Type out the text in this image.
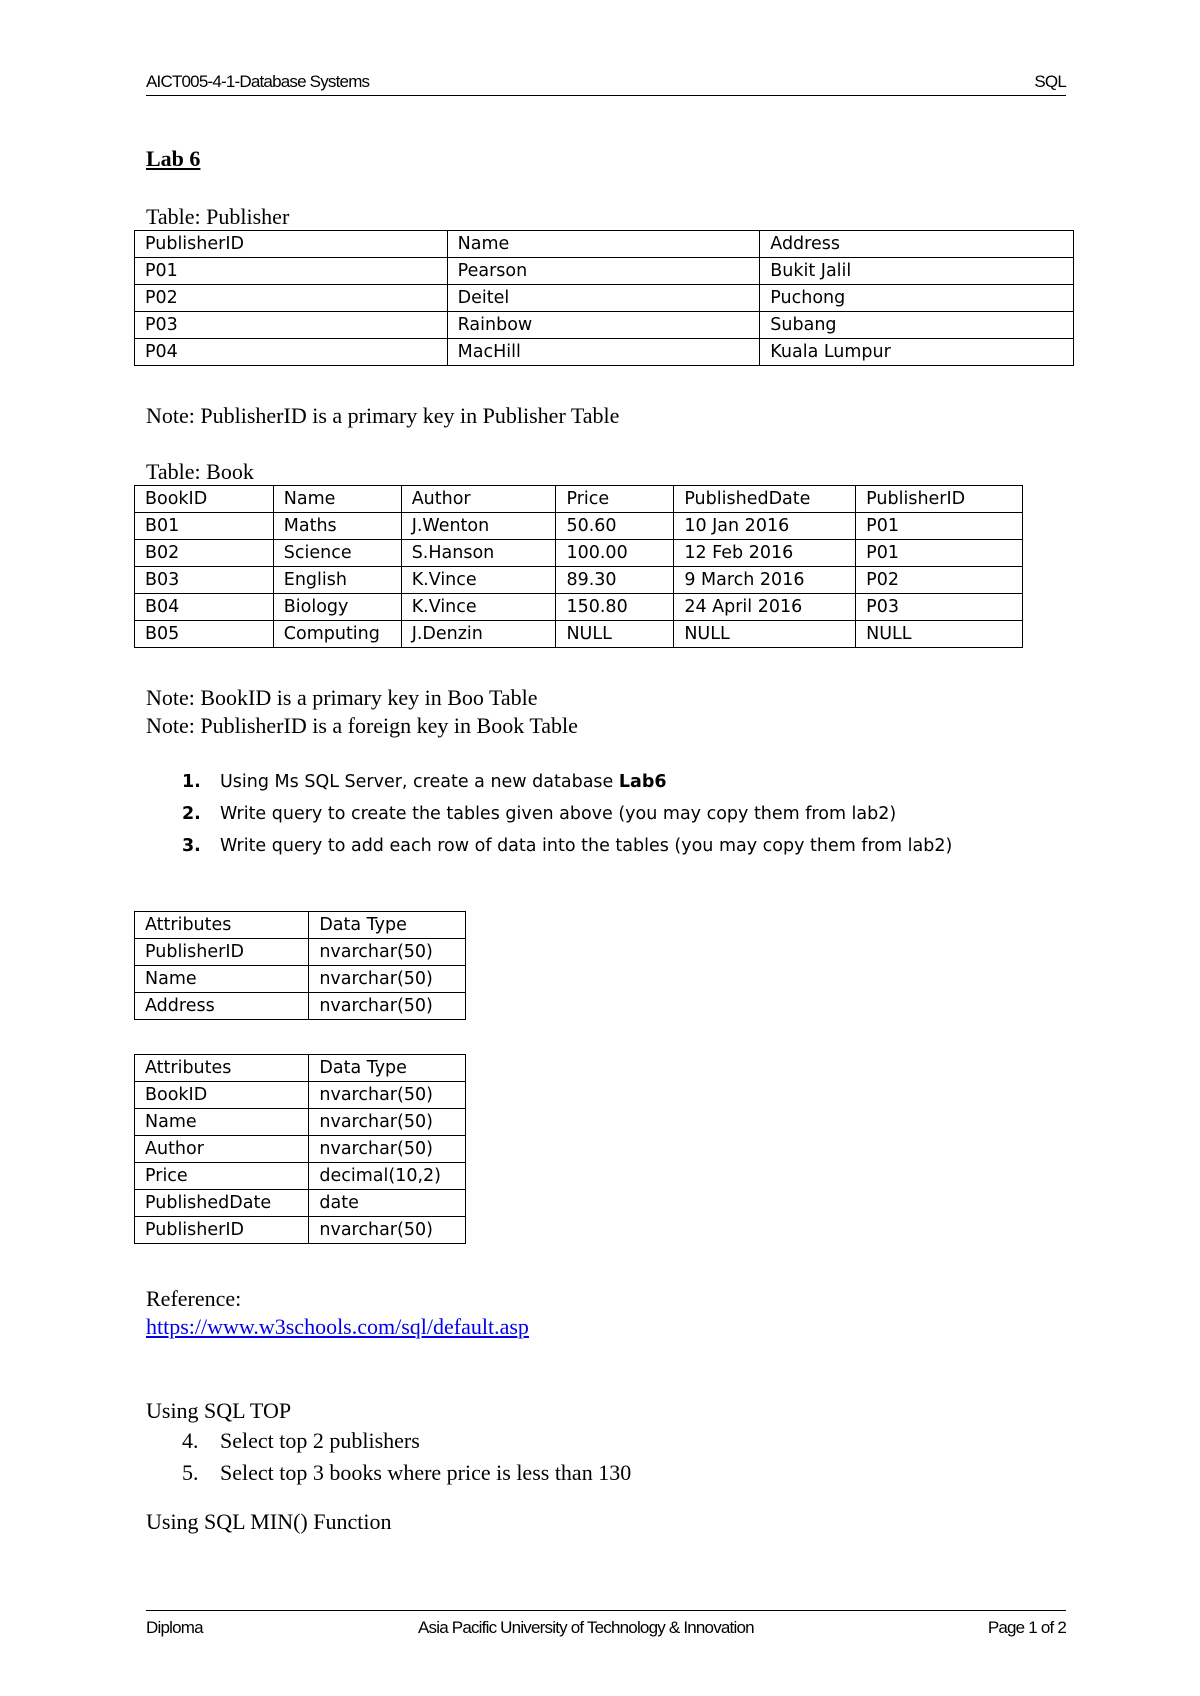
AICT005-4-1-Database Systems	SQL
Lab 6
Table: Publisher
PublisherID	Name	Address
P01	Pearson	Bukit Jalil
P02	Deitel	Puchong
P03	Rainbow	Subang
P04	MacHill	Kuala Lumpur
Note: PublisherID is a primary key in Publisher Table
Table: Book
BookID	Name	Author	Price	PublishedDate	PublisherID
B01	Maths	J.Wenton	50.60	10 Jan 2016	P01
B02	Science	S.Hanson	100.00	12 Feb 2016	P01
B03	English	K.Vince	89.30	9 March 2016	P02
B04	Biology	K.Vince	150.80	24 April 2016	P03
B05	Computing	J.Denzin	NULL	NULL	NULL
Note: BookID is a primary key in Boo Table
Note: PublisherID is a foreign key in Book Table
1. Using Ms SQL Server, create a new database Lab6
2. Write query to create the tables given above (you may copy them from lab2)
3. Write query to add each row of data into the tables (you may copy them from lab2)
Attributes	Data Type
PublisherID	nvarchar(50)
Name	nvarchar(50)
Address	nvarchar(50)
Attributes	Data Type
BookID	nvarchar(50)
Name	nvarchar(50)
Author	nvarchar(50)
Price	decimal(10,2)
PublishedDate	date
PublisherID	nvarchar(50)
Reference:
https://www.w3schools.com/sql/default.asp
Using SQL TOP
4. Select top 2 publishers
5. Select top 3 books where price is less than 130
Using SQL MIN() Function
Diploma	Asia Pacific University of Technology & Innovation	Page 1 of 2
